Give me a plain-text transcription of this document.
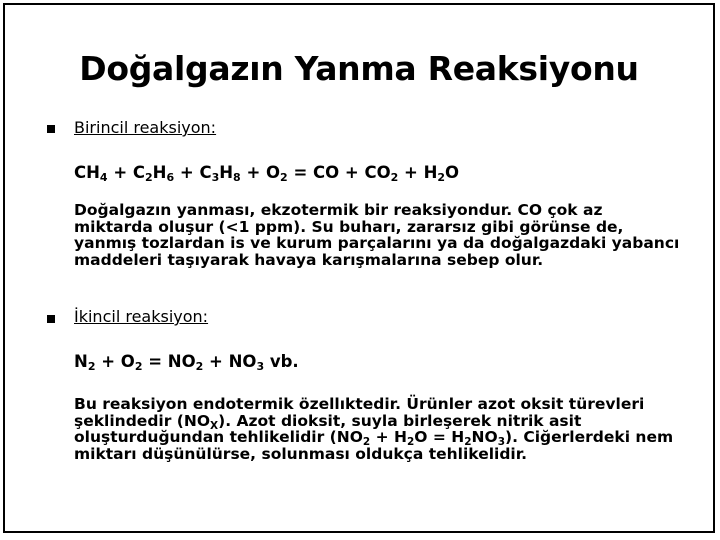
Doğalgazın Yanma Reaksiyonu
Birincil reaksiyon:
$CH_4 + C_2H_6 + C_3H_8 + O_2$ = CO + $CO_2 + H_2O$
Doğalgazın yanması, ekzotermik bir reaksiyondur. CO çok az
miktarda oluşur (<1 ppm). Su buharı, zararsız gibi görünse de,
yanmış tozlardan is ve kurum parçalarını ya da doğalgazdaki yabancı
maddeleri taşıyarak havaya karışmalarına sebep olur.
İkincil reaksiyon:
$N_2 + O_2 = NO_2 + NO_3$ vb.
Bu reaksiyon endotermik özellıktedir. Ürünler azot oksit türevleri
şeklindedir $(NO_X)$. Azot dioksit, suyla birleşerek nitrik asit
oluşturduğundan tehlikelidir $(NO_2 + H_2O = H_2NO_3)$. Ciğerlerdeki nem
miktarı düşünülürse, solunması oldukça tehlikelidir.
